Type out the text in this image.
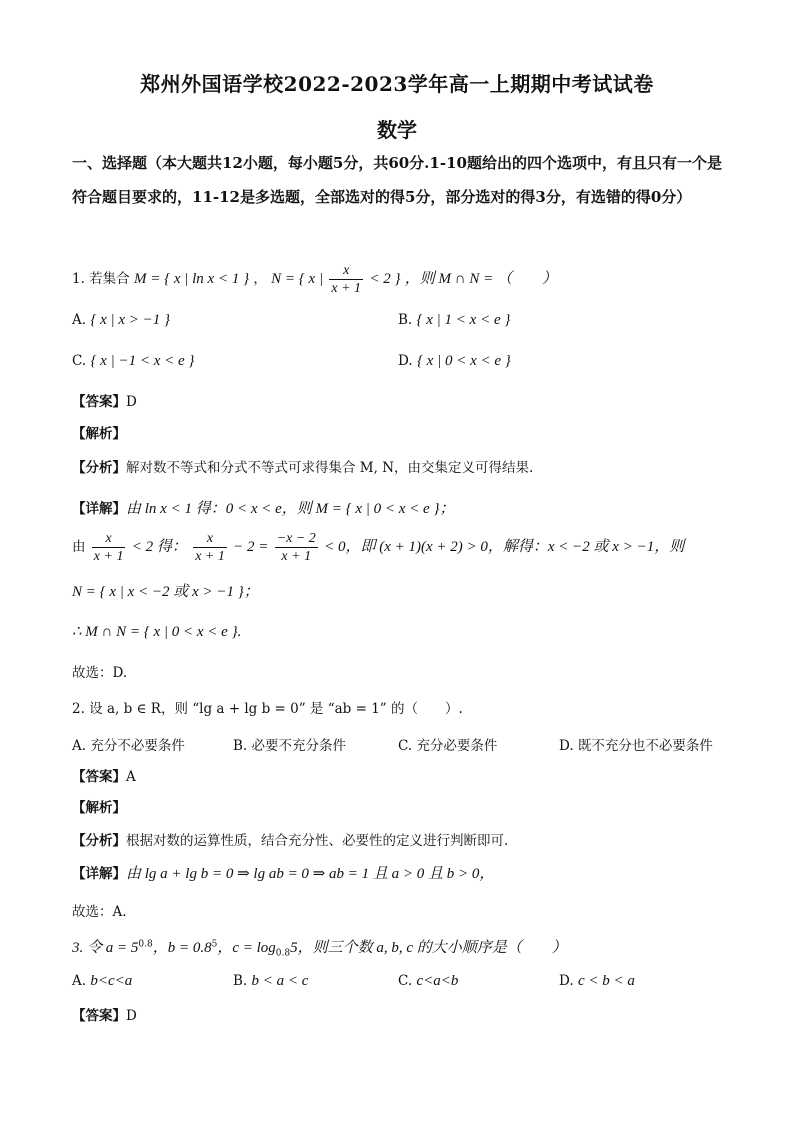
郑州外国语学校2022-2023学年高一上期期中考试试卷
数学
一、选择题（本大题共12小题，每小题5分，共60分.1-10题给出的四个选项中，有且只有一个是符合题目要求的，11-12是多选题，全部选对的得5分，部分选对的得3分，有选错的得0分）
1. 若集合 M = { x | ln x < 1 } ， N = { x | $\frac{x}{x + 1} < 2$ } ，则 M ∩ N = （　　）
A. { x | x > −1 }	B. { x | 1 < x < e }
C. { x | −1 < x < e }	D. { x | 0 < x < e }
【答案】D
【解析】
【分析】解对数不等式和分式不等式可求得集合 M, N，由交集定义可得结果.
【详解】由 ln x < 1 得：0 < x < e，则 M = { x | 0 < x < e }；
由 $\frac{x}{x + 1} < 2$ 得： $\frac{x}{x + 1} - 2 = \frac{-x - 2}{x + 1} < 0$，即 (x + 1)(x + 2) > 0，解得：x < −2 或 x > −1，则
N = { x | x < −2 或 x > −1 }；
∴ M ∩ N = { x | 0 < x < e }.
故选：D.
2. 设 a, b ∈ R，则 “lg a + lg b = 0” 是 “ab = 1” 的（　　）.
A. 充分不必要条件	B. 必要不充分条件	C. 充分必要条件	D. 既不充分也不必要条件
【答案】A
【解析】
【分析】根据对数的运算性质，结合充分性、必要性的定义进行判断即可.
【详解】由 lg a + lg b = 0 ⇒ lg ab = 0 ⇒ ab = 1 且 a > 0 且 b > 0，
故选：A.
3. 令 $a = 5^{0.8}$，$b = 0.8^5$，$c = \log_{0.8}5$，则三个数 a, b, c 的大小顺序是（　　）
A. b<c<a	B. b < a < c	C. c<a<b	D. c < b < a
【答案】D
